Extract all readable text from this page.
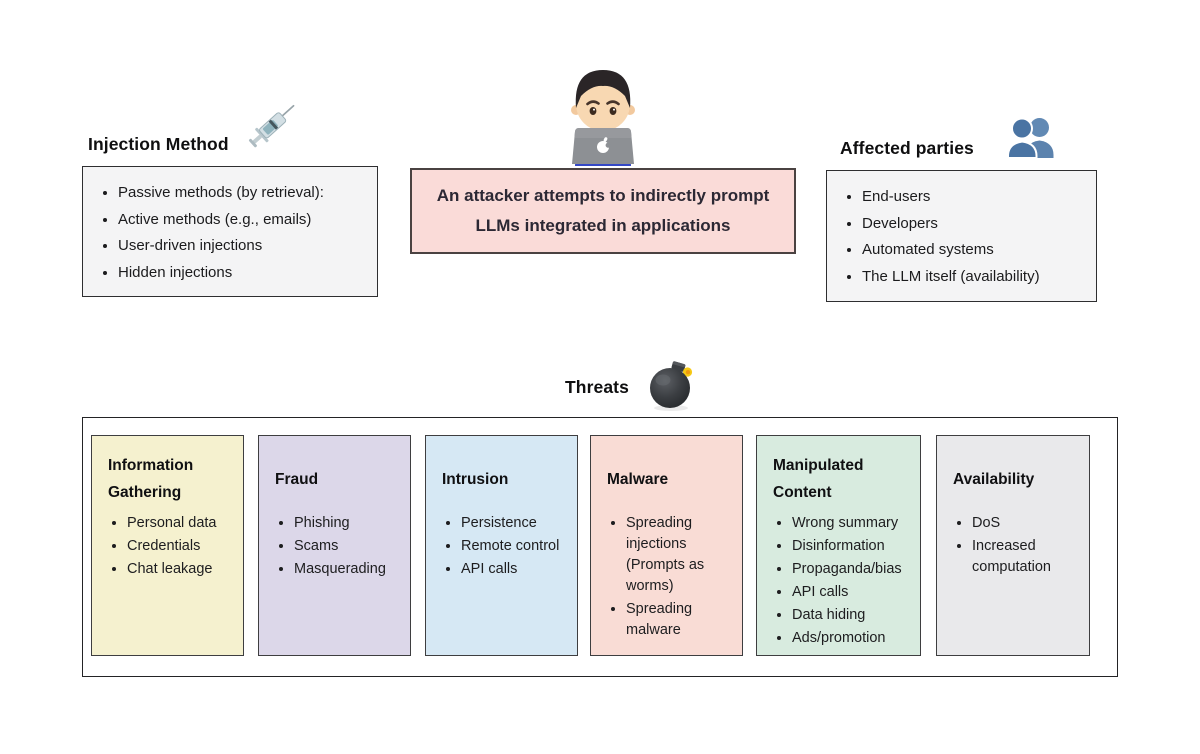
Injection Method
• Passive methods (by retrieval):
• Active methods (e.g., emails)
• User-driven injections
• Hidden injections
An attacker attempts to indirectly prompt
LLMs integrated in applications
Affected parties
• End-users
• Developers
• Automated systems
• The LLM itself (availability)
Threats
Information Gathering
• Personal data
• Credentials
• Chat leakage
Fraud
• Phishing
• Scams
• Masquerading
Intrusion
• Persistence
• Remote control
• API calls
Malware
• Spreading injections (Prompts as worms)
• Spreading malware
Manipulated Content
• Wrong summary
• Disinformation
• Propaganda/bias
• API calls
• Data hiding
• Ads/promotion
Availability
• DoS
• Increased computation
